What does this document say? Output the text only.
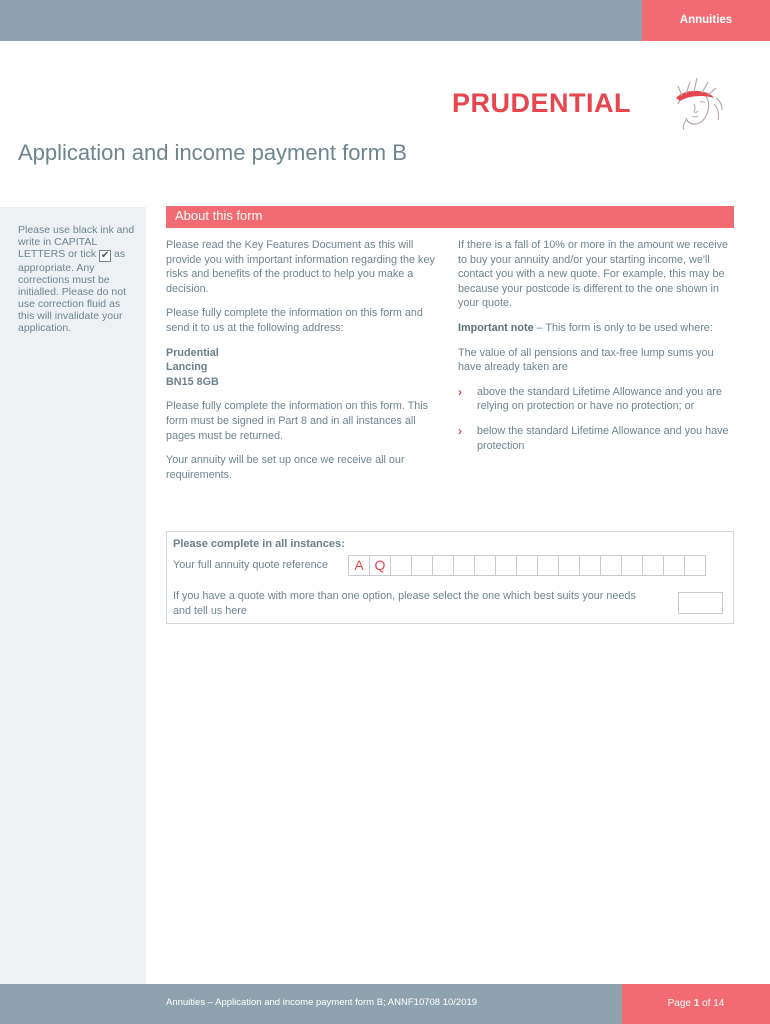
Annuities
PRUDENTIAL
Application and income payment form B
Please use black ink and write in CAPITAL LETTERS or tick ✔ as appropriate. Any corrections must be initialled. Please do not use correction fluid as this will invalidate your application.
About this form

Please read the Key Features Document as this will provide you with important information regarding the key risks and benefits of the product to help you make a decision.

Please fully complete the information on this form and send it to us at the following address:

Prudential
Lancing
BN15 8GB

Please fully complete the information on this form. This form must be signed in Part 8 and in all instances all pages must be returned.

Your annuity will be set up once we receive all our requirements.

If there is a fall of 10% or more in the amount we receive to buy your annuity and/or your starting income, we'll contact you with a new quote. For example, this may be because your postcode is different to the one shown in your quote.

Important note – This form is only to be used where:

The value of all pensions and tax-free lump sums you have already taken are

› above the standard Lifetime Allowance and you are relying on protection or have no protection; or
› below the standard Lifetime Allowance and you have protection
Please complete in all instances:
Your full annuity quote reference	A Q
If you have a quote with more than one option, please select the one which best suits your needs and tell us here
Annuities – Application and income payment form B; ANNF10708 10/2019	Page 1 of 14
